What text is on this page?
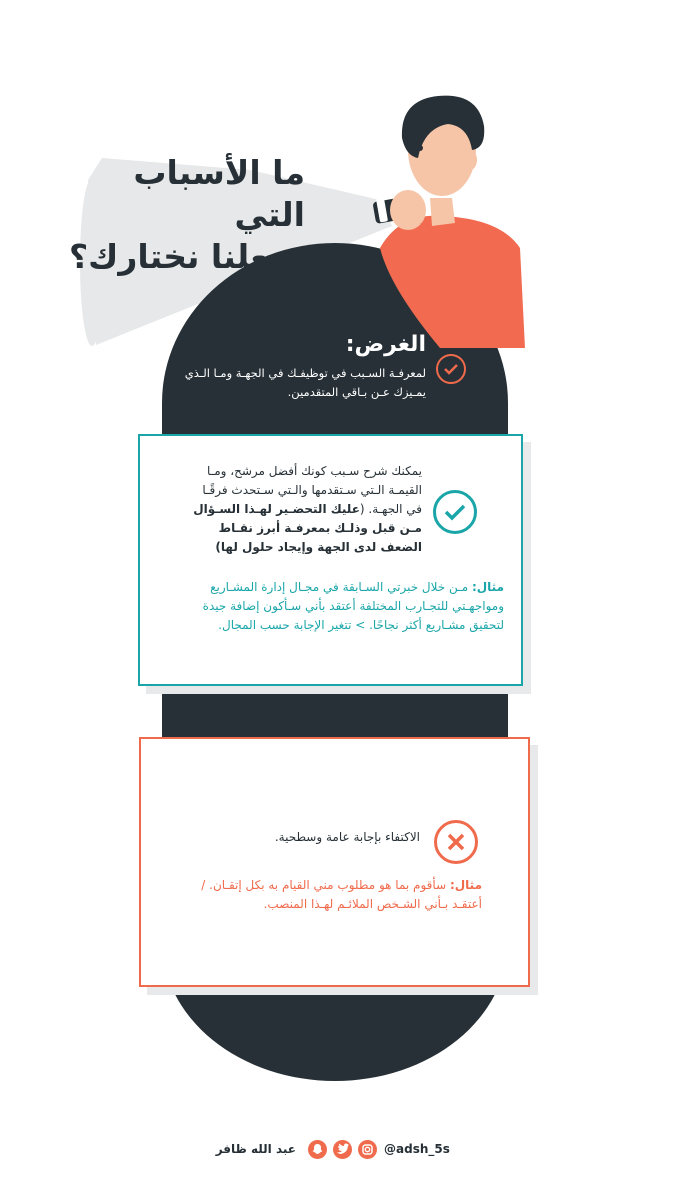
ما الأسباب التي
تجعلنا نختارك؟
الغرض:
لمعرفـة السـبب في توظيفـك في الجهـة ومـا الـذي يمـيزك عـن بـاقي المتقدمين.
يمكنك شرح سـبب كونك أفضل مرشح، ومـا القيمـة الـتي سـتقدمها والـتي سـتحدث فرقًـا في الجهـة. (عليك التحضـير لهـذا السـؤال مـن قبل وذلـك بمعرفـة أبرز نقـاط الضعف لدى الجهة وإيجاد حلول لها)
مثال: مـن خلال خبرتي السـابقة في مجـال إدارة المشـاريع ومواجهـتي للتجـارب المختلفة أعتقد بأني سـأكون إضافة جيدة لتحقيق مشـاريع أكثر نجاحًا. > تتغير الإجابة حسب المجال.
الاكتفاء بإجابة عامة وسطحية.
مثال: سأقوم بما هو مطلوب مني القيام به بكل إتقـان. / أعتقـد بـأني الشـخص الملائـم لهـذا المنصب.
عبد الله ظافر	@adsh_5s
